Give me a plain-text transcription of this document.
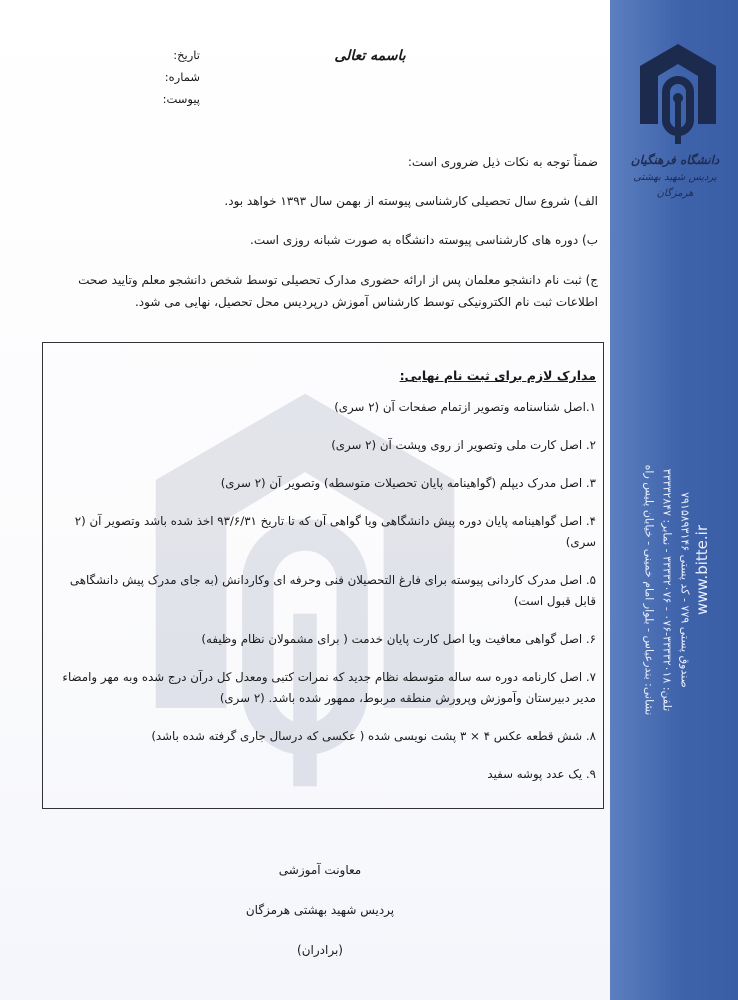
دانشگاه فرهنگیان
پردیس شهید بهشتی هرمزگان
نشانی: بندرعباس - بلوار امام خمینی - خیابان پلیس راه تلفن: ۳۳۳۳۲۰۱۸-۰۷۶ - ۳۳۳۳۲۰۷۶ - نمابر: ۳۳۳۳۲۸۴۷
صندوق پستی ۷۷۹ - کد پستی ۷۹۱۵۸۹۳۱۴۶
www.bitte.ir
باسمه تعالی
تاریخ:
شماره:
پیوست:

ضمناً توجه به نکات ذیل ضروری است:

الف) شروع سال تحصیلی کارشناسی پیوسته از بهمن سال ۱۳۹۳ خواهد بود.

ب) دوره های کارشناسی پیوسته دانشگاه به صورت شبانه روزی است.

ج) ثبت نام دانشجو معلمان پس از ارائه حضوری مدارک تحصیلی توسط شخص دانشجو معلم وتایید صحت اطلاعات ثبت نام الکترونیکی توسط کارشناس آموزش درپردیس محل تحصیل، نهایی می شود.

مدارک لازم برای ثبت نام نهایی:
۱.اصل شناسنامه وتصویر ازتمام صفحات آن (۲ سری)
۲. اصل کارت ملی وتصویر از روی وپشت آن (۲ سری)
۳. اصل مدرک دیپلم (گواهینامه پایان تحصیلات متوسطه) وتصویر آن (۲ سری)
۴. اصل گواهینامه پایان دوره پیش دانشگاهی ویا گواهی آن که تا تاریخ ۹۳/۶/۳۱ اخذ شده باشد وتصویر آن (۲ سری)
۵. اصل مدرک کاردانی پیوسته برای فارغ التحصیلان فنی وحرفه ای وکاردانش (به جای مدرک پیش دانشگاهی قابل قبول است)
۶. اصل گواهی معافیت ویا اصل کارت پایان خدمت ( برای مشمولان نظام وظیفه)
۷. اصل کارنامه دوره سه ساله متوسطه نظام جدید که نمرات کتبی ومعدل کل درآن درج شده وبه مهر وامضاء مدیر دبیرستان وآموزش وپرورش منطقه مربوط، ممهور شده باشد. (۲ سری)
۸. شش قطعه عکس ۴ × ۳ پشت نویسی شده ( عکسی که درسال جاری گرفته شده باشد)
۹. یک عدد پوشه سفید
معاونت آموزشی
پردیس شهید بهشتی هرمزگان
(برادران)
